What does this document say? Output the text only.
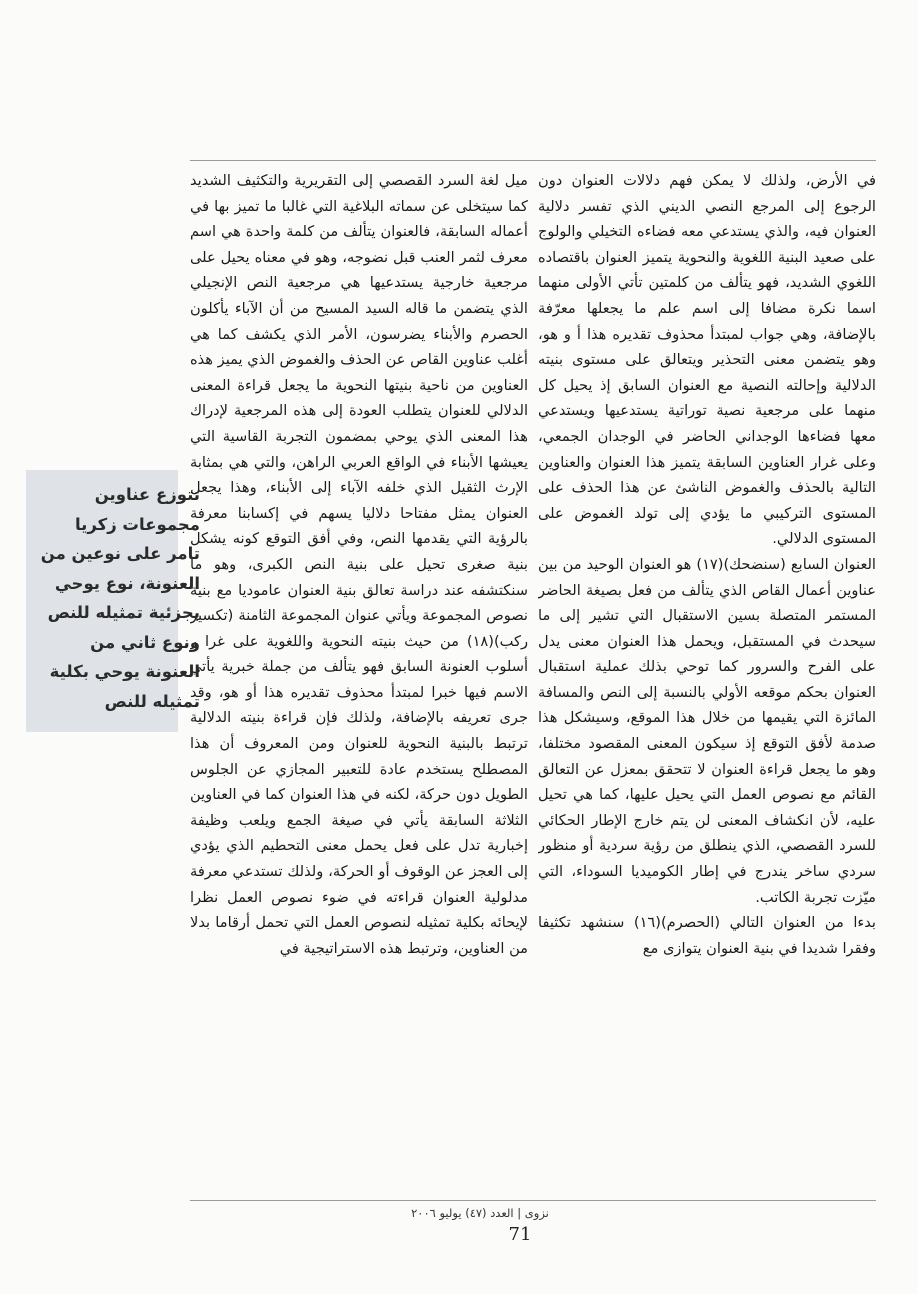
في الأرض، ولذلك لا يمكن فهم دلالات العنوان دون الرجوع إلى المرجع النصي الديني الذي تفسر دلالية العنوان فيه، والذي يستدعي معه فضاءه التخيلي والولوج على صعيد البنية اللغوية والنحوية يتميز العنوان باقتصاده اللغوي الشديد، فهو يتألف من كلمتين تأتي الأولى منهما اسما نكرة مضافا إلى اسم علم ما يجعلها معرّفة بالإضافة، وهي جواب لمبتدأ محذوف تقديره هذا أ و هو، وهو يتضمن معنى التحذير ويتعالق على مستوى بنيته الدلالية وإحالته النصية مع العنوان السابق إذ يحيل كل منهما على مرجعية نصية توراتية يستدعيها ويستدعي معها فضاءها الوجداني الحاضر في الوجدان الجمعي، وعلى غرار العناوين السابقة يتميز هذا العنوان والعناوين التالية بالحذف والغموض الناشئ عن هذا الحذف على المستوى التركيبي ما يؤدي إلى تولد الغموض على المستوى الدلالي.

العنوان السابع (سنضحك)(١٧) هو العنوان الوحيد من بين عناوين أعمال القاص الذي يتألف من فعل بصيغة الحاضر المستمر المتصلة بسين الاستقبال التي تشير إلى ما سيحدث في المستقبل، ويحمل هذا العنوان معنى يدل على الفرح والسرور كما توحي بذلك عملية استقبال العنوان بحكم موقعه الأولي بالنسبة إلى النص والمسافة المائزة التي يقيمها من خلال هذا الموقع، وسيشكل هذا صدمة لأفق التوقع إذ سيكون المعنى المقصود مختلفا، وهو ما يجعل قراءة العنوان لا تتحقق بمعزل عن التعالق القائم مع نصوص العمل التي يحيل عليها، كما هي تحيل عليه، لأن انكشاف المعنى لن يتم خارج الإطار الحكائي للسرد القصصي، الذي ينطلق من رؤية سردية أو منظور سردي ساخر يندرج في إطار الكوميديا السوداء، التي ميّزت تجربة الكاتب.

بدءا من العنوان التالي (الحصرم)(١٦) سنشهد تكثيفا وفقرا شديدا في بنية العنوان يتوازى مع

ميل لغة السرد القصصي إلى التقريرية والتكثيف الشديد كما سيتخلى عن سماته البلاغية التي غالبا ما تميز بها في أعماله السابقة، فالعنوان يتألف من كلمة واحدة هي اسم معرف لثمر العنب قبل نضوجه، وهو في معناه يحيل على مرجعية خارجية يستدعيها هي مرجعية النص الإنجيلي الذي يتضمن ما قاله السيد المسيح من أن الآباء يأكلون الحصرم والأبناء يضرسون، الأمر الذي يكشف كما هي أغلب عناوين القاص عن الحذف والغموض الذي يميز هذه العناوين من ناحية بنيتها النحوية ما يجعل قراءة المعنى الدلالي للعنوان يتطلب العودة إلى هذه المرجعية لإدراك هذا المعنى الذي يوحي بمضمون التجربة القاسية التي يعيشها الأبناء في الواقع العربي الراهن، والتي هي بمثابة الإرث الثقيل الذي خلفه الآباء إلى الأبناء، وهذا يجعل العنوان يمثل مفتاحا دلاليا يسهم في إكسابنا معرفة بالرؤية التي يقدمها النص، وفي أفق التوقع كونه يشكل بنية صغرى تحيل على بنية النص الكبرى، وهو ما سنكتشفه عند دراسة تعالق بنية العنوان عاموديا مع بنية نصوص المجموعة ويأتي عنوان المجموعة الثامنة (تكسير ركب)(١٨) من حيث بنيته النحوية واللغوية على غرا ر أسلوب العنونة السابق فهو يتألف من جملة خبرية يأتي الاسم فيها خبرا لمبتدأ محذوف تقديره هذا أو هو، وقد جرى تعريفه بالإضافة، ولذلك فإن قراءة بنيته الدلالية ترتبط بالبنية النحوية للعنوان ومن المعروف أن هذا المصطلح يستخدم عادة للتعبير المجازي عن الجلوس الطويل دون حركة، لكنه في هذا العنوان كما في العناوين الثلاثة السابقة يأتي في صيغة الجمع ويلعب وظيفة إخبارية تدل على فعل يحمل معنى التحطيم الذي يؤدي إلى العجز عن الوقوف أو الحركة، ولذلك تستدعي معرفة مدلولية العنوان قراءته في ضوء نصوص العمل نظرا لإيحائه بكلية تمثيله لنصوص العمل التي تحمل أرقاما بدلا من العناوين، وترتبط هذه الاستراتيجية في

تتوزع عناوين مجموعات زكريا تامر على نوعين من العنونة، نوع يوحي بجزئية تمثيله للنص ونوع ثاني من العنونة يوحي بكلية تمثيله للنص
نزوى | العدد (٤٧) يوليو ٢٠٠٦
71
